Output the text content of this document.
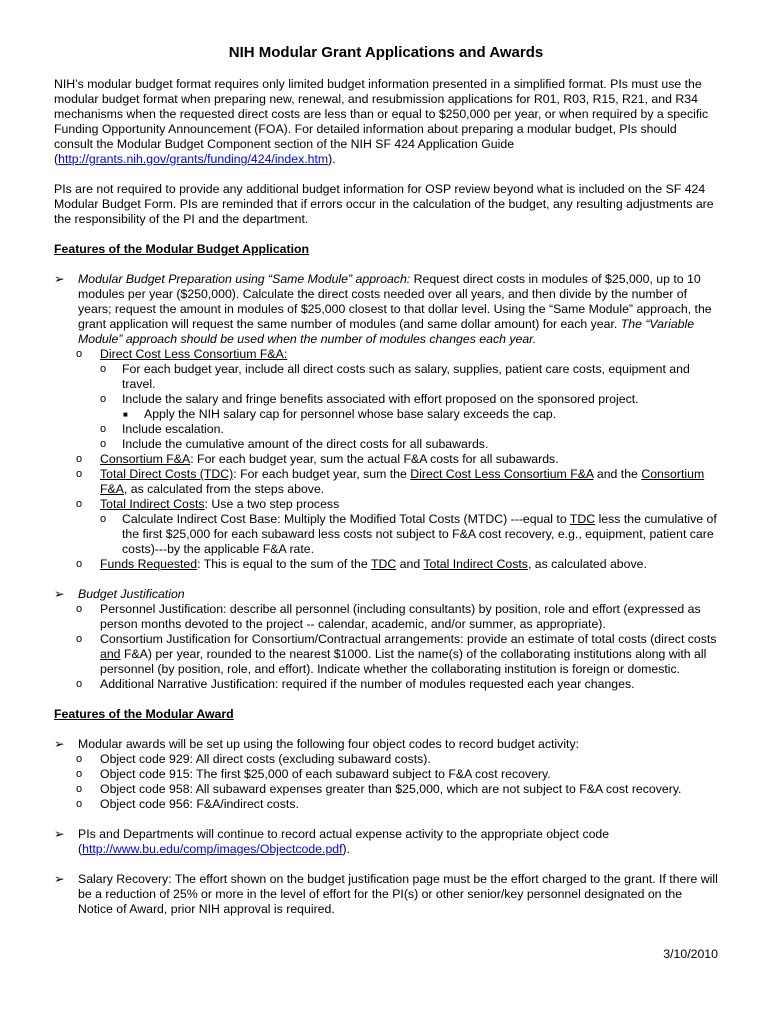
NIH Modular Grant Applications and Awards

NIH’s modular budget format requires only limited budget information presented in a simplified format. PIs must use the modular budget format when preparing new, renewal, and resubmission applications for R01, R03, R15, R21, and R34 mechanisms when the requested direct costs are less than or equal to $250,000 per year, or when required by a specific Funding Opportunity Announcement (FOA). For detailed information about preparing a modular budget, PIs should consult the Modular Budget Component section of the NIH SF 424 Application Guide (http://grants.nih.gov/grants/funding/424/index.htm).

PIs are not required to provide any additional budget information for OSP review beyond what is included on the SF 424 Modular Budget Form. PIs are reminded that if errors occur in the calculation of the budget, any resulting adjustments are the responsibility of the PI and the department.

Features of the Modular Budget Application
➢ Modular Budget Preparation using “Same Module” approach: Request direct costs in modules of $25,000, up to 10 modules per year ($250,000). Calculate the direct costs needed over all years, and then divide by the number of years; request the amount in modules of $25,000 closest to that dollar level. Using the “Same Module” approach, the grant application will request the same number of modules (and same dollar amount) for each year. The “Variable Module” approach should be used when the number of modules changes each year.
o Direct Cost Less Consortium F&A:
o For each budget year, include all direct costs such as salary, supplies, patient care costs, equipment and travel.
o Include the salary and fringe benefits associated with effort proposed on the sponsored project.
■ Apply the NIH salary cap for personnel whose base salary exceeds the cap.
o Include escalation.
o Include the cumulative amount of the direct costs for all subawards.
o Consortium F&A: For each budget year, sum the actual F&A costs for all subawards.
o Total Direct Costs (TDC): For each budget year, sum the Direct Cost Less Consortium F&A and the Consortium F&A, as calculated from the steps above.
o Total Indirect Costs: Use a two step process
o Calculate Indirect Cost Base: Multiply the Modified Total Costs (MTDC) ---equal to TDC less the cumulative of the first $25,000 for each subaward less costs not subject to F&A cost recovery, e.g., equipment, patient care costs)---by the applicable F&A rate.
o Funds Requested: This is equal to the sum of the TDC and Total Indirect Costs, as calculated above.
➢ Budget Justification
o Personnel Justification: describe all personnel (including consultants) by position, role and effort (expressed as person months devoted to the project -- calendar, academic, and/or summer, as appropriate).
o Consortium Justification for Consortium/Contractual arrangements: provide an estimate of total costs (direct costs and F&A) per year, rounded to the nearest $1000. List the name(s) of the collaborating institutions along with all personnel (by position, role, and effort). Indicate whether the collaborating institution is foreign or domestic.
o Additional Narrative Justification: required if the number of modules requested each year changes.
Features of the Modular Award
➢ Modular awards will be set up using the following four object codes to record budget activity:
o Object code 929: All direct costs (excluding subaward costs).
o Object code 915: The first $25,000 of each subaward subject to F&A cost recovery.
o Object code 958: All subaward expenses greater than $25,000, which are not subject to F&A cost recovery.
o Object code 956: F&A/indirect costs.
➢ PIs and Departments will continue to record actual expense activity to the appropriate object code (http://www.bu.edu/comp/images/Objectcode.pdf).
➢ Salary Recovery: The effort shown on the budget justification page must be the effort charged to the grant. If there will be a reduction of 25% or more in the level of effort for the PI(s) or other senior/key personnel designated on the Notice of Award, prior NIH approval is required.
3/10/2010
